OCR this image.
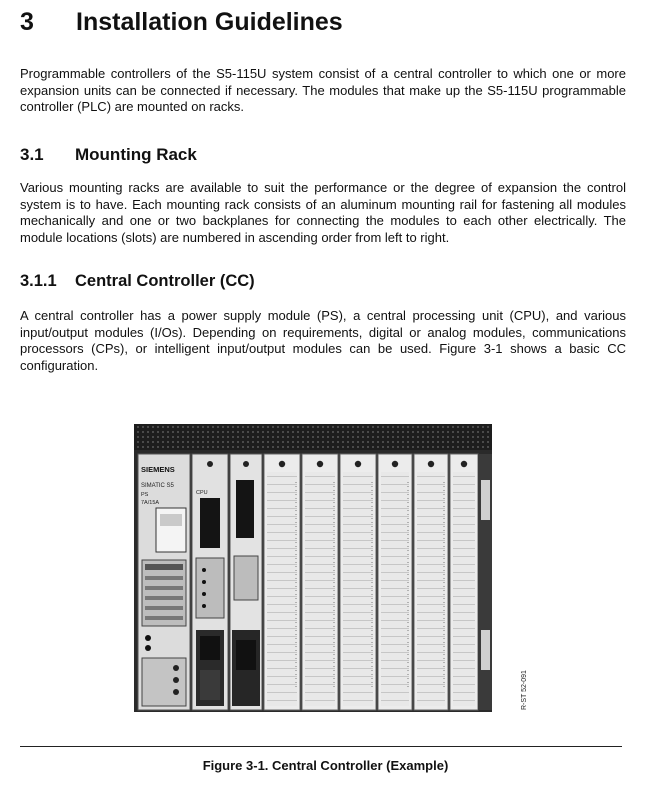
3 Installation Guidelines

Programmable controllers of the S5-115U system consist of a central controller to which one or more expansion units can be connected if necessary. The modules that make up the S5-115U programmable controller (PLC) are mounted on racks.

3.1 Mounting Rack

Various mounting racks are available to suit the performance or the degree of expansion the control system is to have. Each mounting rack consists of an aluminum mounting rail for fastening all modules mechanically and one or two backplanes for connecting the modules to each other electrically. The module locations (slots) are numbered in ascending order from left to right.

3.1.1 Central Controller (CC)

A central controller has a power supply module (PS), a central processing unit (CPU), and various input/output modules (I/Os). Depending on requirements, digital or analog modules, communications processors (CPs), or intelligent input/output modules can be used. Figure 3-1 shows a basic CC configuration.

SIEMENS
SIMATIC S5
PS
7A/15A
CPU
R-ST 52-091
Figure 3-1. Central Controller (Example)
